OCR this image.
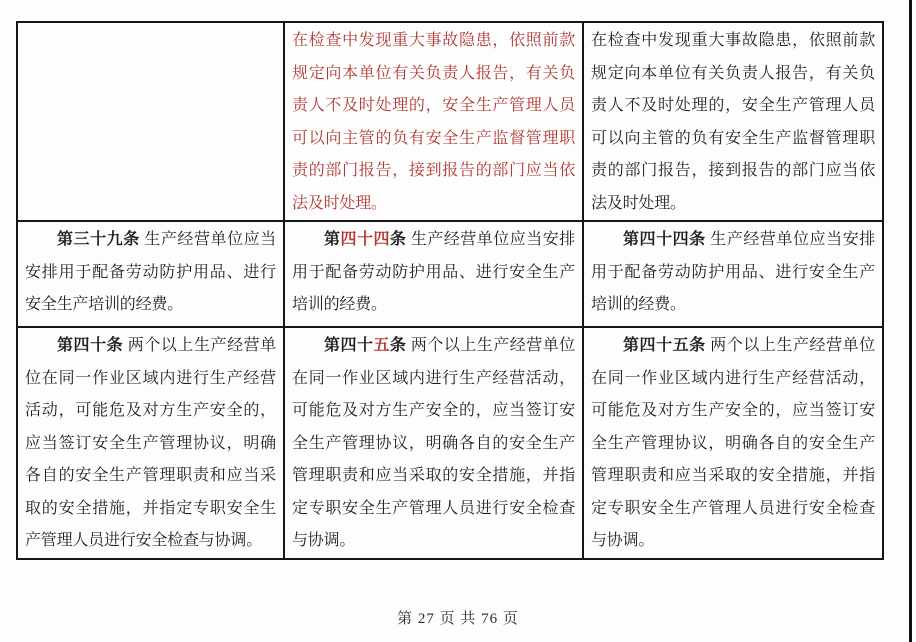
	在检查中发现重大事故隐患，依照前款规定向本单位有关负责人报告，有关负责人不及时处理的，安全生产管理人员可以向主管的负有安全生产监督管理职责的部门报告，接到报告的部门应当依法及时处理。	在检查中发现重大事故隐患，依照前款规定向本单位有关负责人报告，有关负责人不及时处理的，安全生产管理人员可以向主管的负有安全生产监督管理职责的部门报告，接到报告的部门应当依法及时处理。

第三十九条 生产经营单位应当安排用于配备劳动防护用品、进行安全生产培训的经费。	第四十四条 生产经营单位应当安排用于配备劳动防护用品、进行安全生产培训的经费。	第四十四条 生产经营单位应当安排用于配备劳动防护用品、进行安全生产培训的经费。

第四十条 两个以上生产经营单位在同一作业区域内进行生产经营活动，可能危及对方生产安全的，应当签订安全生产管理协议，明确各自的安全生产管理职责和应当采取的安全措施，并指定专职安全生产管理人员进行安全检查与协调。	第四十五条 两个以上生产经营单位在同一作业区域内进行生产经营活动，可能危及对方生产安全的，应当签订安全生产管理协议，明确各自的安全生产管理职责和应当采取的安全措施，并指定专职安全生产管理人员进行安全检查与协调。	第四十五条 两个以上生产经营单位在同一作业区域内进行生产经营活动，可能危及对方生产安全的，应当签订安全生产管理协议，明确各自的安全生产管理职责和应当采取的安全措施，并指定专职安全生产管理人员进行安全检查与协调。

第 27 页 共 76 页
